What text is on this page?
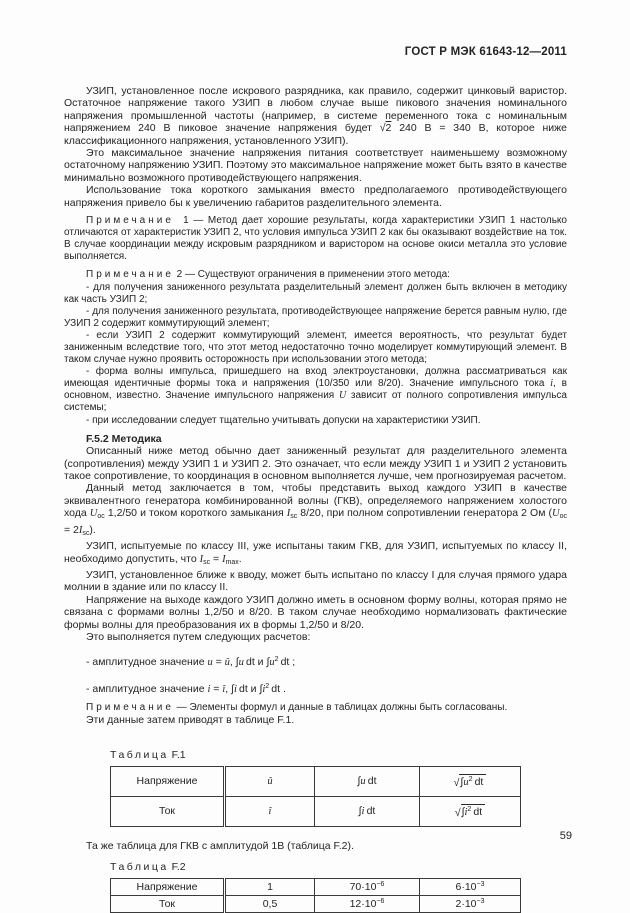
ГОСТ Р МЭК 61643-12—2011

УЗИП, установленное после искрового разрядника, как правило, содержит цинковый варистор. Остаточное напряжение такого УЗИП в любом случае выше пикового значения номинального напряжения промышленной частоты (например, в системе переменного тока с номинальным напряжением 240 В пиковое значение напряжения будет √2 240 В = 340 В, которое ниже классификационного напряжения, установленного УЗИП).

Это максимальное значение напряжения питания соответствует наименьшему возможному остаточному напряжению УЗИП. Поэтому это максимальное напряжение может быть взято в качестве минимально возможного противодействующего напряжения.

Использование тока короткого замыкания вместо предполагаемого противодействующего напряжения привело бы к увеличению габаритов разделительного элемента.

Примечание 1 — Метод дает хорошие результаты, когда характеристики УЗИП 1 настолько отличаются от характеристик УЗИП 2, что условия импульса УЗИП 2 как бы оказывают воздействие на ток. В случае координации между искровым разрядником и варистором на основе окиси металла это условие выполняется.

Примечание 2 — Существуют ограничения в применении этого метода:

- для получения заниженного результата разделительный элемент должен быть включен в методику как часть УЗИП 2;

- для получения заниженного результата, противодействующее напряжение берется равным нулю, где УЗИП 2 содержит коммутирующий элемент;

- если УЗИП 2 содержит коммутирующий элемент, имеется вероятность, что результат будет заниженным вследствие того, что этот метод недостаточно точно моделирует коммутирующий элемент. В таком случае нужно проявить осторожность при использовании этого метода;

- форма волны импульса, пришедшего на вход электроустановки, должна рассматриваться как имеющая идентичные формы тока и напряжения (10/350 или 8/20). Значение импульсного тока i, в основном, известно. Значение импульсного напряжения U зависит от полного сопротивления импульса системы;

- при исследовании следует тщательно учитывать допуски на характеристики УЗИП.

F.5.2 Методика

Описанный ниже метод обычно дает заниженный результат для разделительного элемента (сопротивления) между УЗИП 1 и УЗИП 2. Это означает, что если между УЗИП 1 и УЗИП 2 установить такое сопротивление, то координация в основном выполняется лучше, чем прогнозируемая расчетом.

Данный метод заключается в том, чтобы представить выход каждого УЗИП в качестве эквивалентного генератора комбинированной волны (ГКВ), определяемого напряжением холостого хода $U_{oc}$ 1,2/50 и током короткого замыкания $I_{sc}$ 8/20, при полном сопротивлении генератора 2 Ом $(U_{oc} = 2I_{sc})$.

УЗИП, испытуемые по классу III, уже испытаны таким ГКВ, для УЗИП, испытуемых по классу II, необходимо допустить, что $I_{sc} = I_{max}$.

УЗИП, установленное ближе к вводу, может быть испытано по классу I для случая прямого удара молнии в здание или по классу II.

Напряжение на выходе каждого УЗИП должно иметь в основном форму волны, которая прямо не связана с формами волны 1,2/50 и 8/20. В таком случае необходимо нормализовать фактические формы волны для преобразования их в формы 1,2/50 и 8/20.

Это выполняется путем следующих расчетов:

- амплитудное значение u = û, ∫u dt и $\int u^2$ dt ;

- амплитудное значение i = î, ∫i dt и $\int i^2$ dt .

Примечание — Элементы формул и данные в таблицах должны быть согласованы.

Эти данные затем приводят в таблице F.1.

Таблица F.1
Напряжение	û	∫u dt	$√\int u^2$ dt
Ток	î	∫i dt	$√\int i^2$ dt

Та же таблица для ГКВ с амплитудой 1В (таблица F.2).

Таблица F.2
Напряжение	1	$70\cdot 10^{-6}$	$6\cdot 10^{-3}$
Ток	0,5	$12\cdot 10^{-6}$	$2\cdot 10^{-3}$
59
